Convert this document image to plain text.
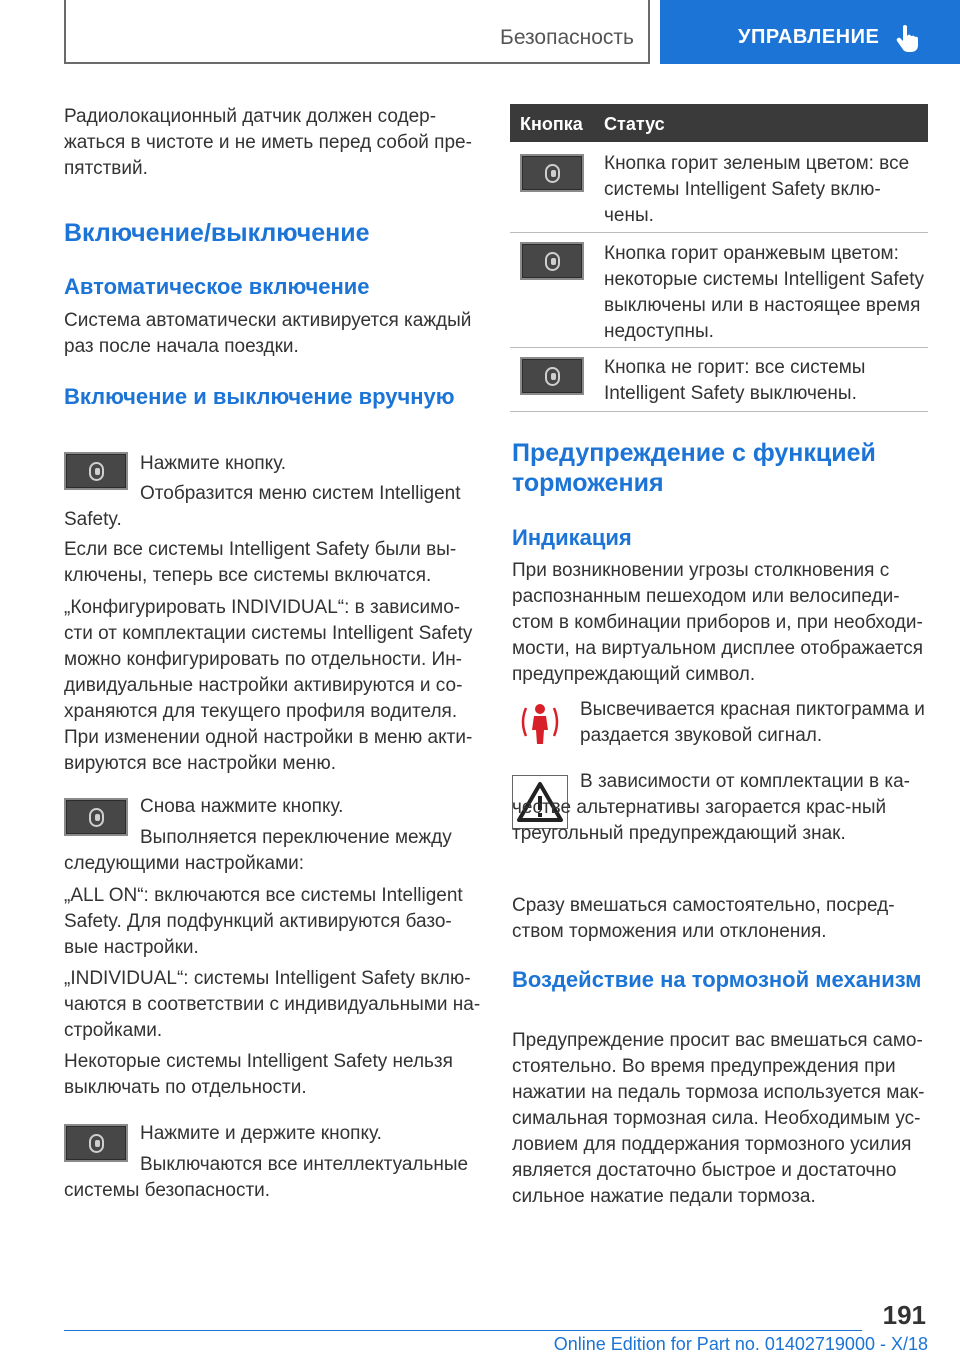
Безопасность	УПРАВЛЕНИЕ
Радиолокационный датчик должен содер-жаться в чистоте и не иметь перед собой пре-пятствий.
Включение/выключение
Автоматическое включение
Система автоматически активируется каждый раз после начала поездки.
Включение и выключение вручную
Нажмите кнопку.
Отобразится меню систем Intelligent Safety.
Если все системы Intelligent Safety были вы-ключены, теперь все системы включатся.
„Конфигурировать INDIVIDUAL“: в зависимо-сти от комплектации системы Intelligent Safety можно конфигурировать по отдельности. Ин-дивидуальные настройки активируются и со-храняются для текущего профиля водителя. При изменении одной настройки в меню акти-вируются все настройки меню.
Снова нажмите кнопку.
Выполняется переключение между следующими настройками:
„ALL ON“: включаются все системы Intelligent Safety. Для подфункций активируются базо-вые настройки.
„INDIVIDUAL“: системы Intelligent Safety вклю-чаются в соответствии с индивидуальными на-стройками.
Некоторые системы Intelligent Safety нельзя выключать по отдельности.
Нажмите и держите кнопку.
Выключаются все интеллектуальные системы безопасности.
Кнопка Статус
Кнопка горит зеленым цветом: все системы Intelligent Safety вклю-чены.
Кнопка горит оранжевым цветом: некоторые системы Intelligent Safety выключены или в настоящее время недоступны.
Кнопка не горит: все системы Intelligent Safety выключены.
Предупреждение с функцией торможения
Индикация
При возникновении угрозы столкновения с распознанным пешеходом или велосипеди-стом в комбинации приборов и, при необходи-мости, на виртуальном дисплее отображается предупреждающий символ.
Высвечивается красная пиктограмма и раздается звуковой сигнал.
В зависимости от комплектации в ка-честве альтернативы загорается крас-ный треугольный предупреждающий знак.
Сразу вмешаться самостоятельно, посред-ством торможения или отклонения.
Воздействие на тормозной механизм
Предупреждение просит вас вмешаться само-стоятельно. Во время предупреждения при нажатии на педаль тормоза используется мак-симальная тормозная сила. Необходимым ус-ловием для поддержания тормозного усилия является достаточно быстрое и достаточно сильное нажатие педали тормоза.
191
Online Edition for Part no. 01402719000 - X/18
